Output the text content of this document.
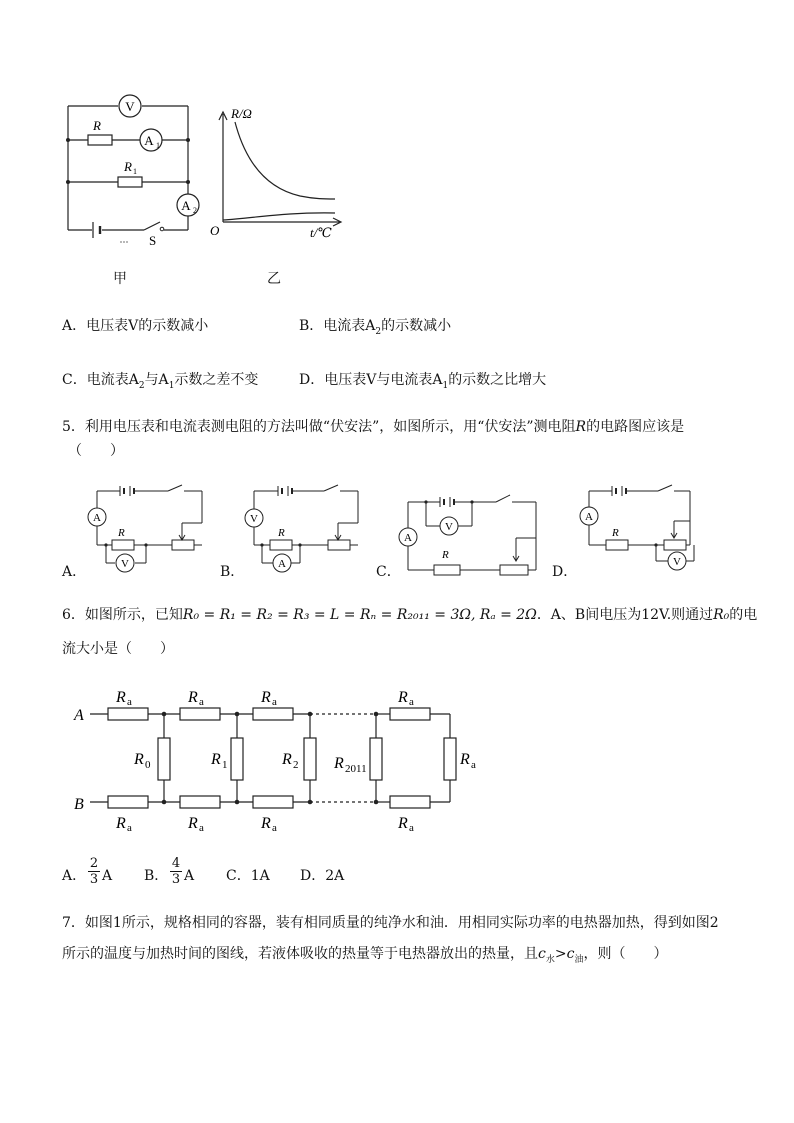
V
A 1
A 2
R
R 1
S
甲
R/Ω
t/℃
O
乙
A．电压表V的示数减小	B．电流表$A_2$的示数减小
C．电流表$A_2$与$A_1$示数之差不变	D．电压表V与电流表$A_1$的示数之比增大
5．利用电压表和电流表测电阻的方法叫做“伏安法”，如图所示，用“伏安法”测电阻R的电路图应该是
（　　）
A
V
R
A．
V
A
R
B．
A
V
R
C．
A
V
R
D．
6．如图所示，已知R₀ = R₁ = R₂ = R₃ = L = Rₙ = R₂₀₁₁ = 3Ω, Rₐ = 2Ω．A、B间电压为12V.则通过R₀的电
流大小是（　　）
A
B
R a	R a	R a	R a
R a	R a	R a	R a
R 0	R 1	R 2 R 2011
R a
A．
2
3 A B．
4
3 A C．1A D．2A
7．如图1所示，规格相同的容器，装有相同质量的纯净水和油．用相同实际功率的电热器加热，得到如图2
所示的温度与加热时间的图线，若液体吸收的热量等于电热器放出的热量，且$c_水>c_油$，则（　　）
